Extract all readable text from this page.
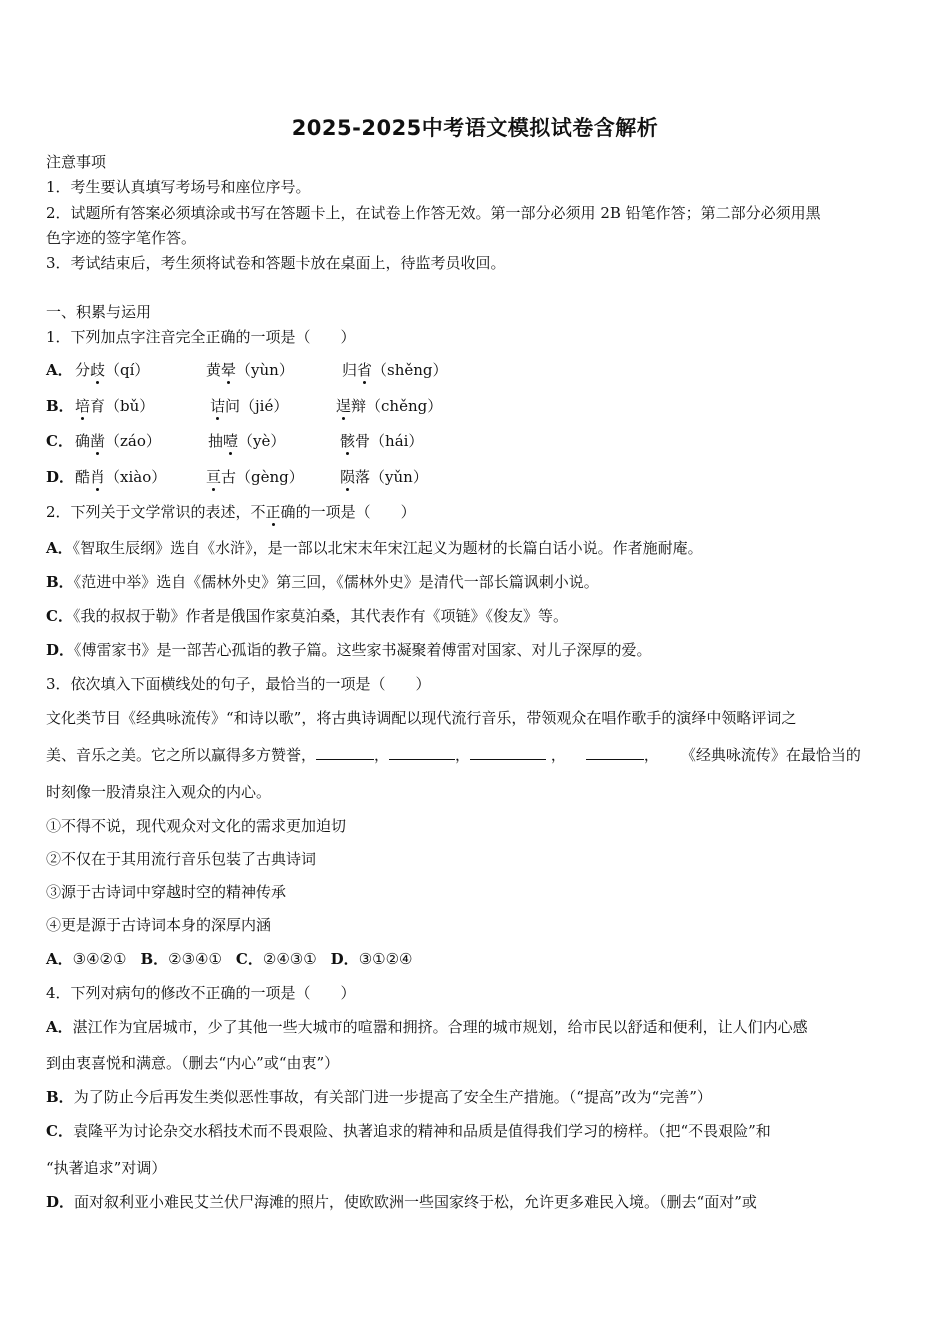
2025-2025中考语文模拟试卷含解析
注意事项
1．考生要认真填写考场号和座位序号。
2．试题所有答案必须填涂或书写在答题卡上，在试卷上作答无效。第一部分必须用 2B 铅笔作答；第二部分必须用黑
色字迹的签字笔作答。
3．考试结束后，考生须将试卷和答题卡放在桌面上，待监考员收回。
一、积累与运用
1．下列加点字注音完全正确的一项是（　　）
A． 分歧（qí）	黄晕（yùn）	归省（shěng）
B． 培育（bǔ）	诘问（jié）	逞辩（chěng）
C． 确凿（záo）	抽噎（yè）	骸骨（hái）
D． 酷肖（xiào）	亘古（gèng） 陨落（yǔn）
2．下列关于文学常识的表述，不正确的一项是（　　）
A．《智取生辰纲》选自《水浒》，是一部以北宋末年宋江起义为题材的长篇白话小说。作者施耐庵。
B．《范进中举》选自《儒林外史》第三回，《儒林外史》是清代一部长篇讽刺小说。
C．《我的叔叔于勒》作者是俄国作家莫泊桑，其代表作有《项链》《俊友》等。
D．《傅雷家书》是一部苦心孤诣的教子篇。这些家书凝聚着傅雷对国家、对儿子深厚的爱。
3．依次填入下面横线处的句子，最恰当的一项是（　　）
文化类节目《经典咏流传》“和诗以歌”，将古典诗调配以现代流行音乐，带领观众在唱作歌手的演绎中领略评词之
美、音乐之美。它之所以赢得多方赞誉，	，	，	，	， 《经典咏流传》在最恰当的
时刻像一股清泉注入观众的内心。
①不得不说，现代观众对文化的需求更加迫切
②不仅在于其用流行音乐包装了古典诗词
③源于古诗词中穿越时空的精神传承
④更是源于古诗词本身的深厚内涵
A．③④②① B．②③④① C．②④③① D．③①②④
4．下列对病句的修改不正确的一项是（　　）
A．湛江作为宜居城市，少了其他一些大城市的喧嚣和拥挤。合理的城市规划，给市民以舒适和便利，让人们内心感
到由衷喜悦和满意。（删去“内心”或“由衷”）
B．为了防止今后再发生类似恶性事故，有关部门进一步提高了安全生产措施。（“提高”改为“完善”）
C．袁隆平为讨论杂交水稻技术而不畏艰险、执著追求的精神和品质是值得我们学习的榜样。（把“不畏艰险”和
“执著追求”对调）
D．面对叙利亚小难民艾兰伏尸海滩的照片，使欧欧洲一些国家终于松，允许更多难民入境。（删去“面对”或
